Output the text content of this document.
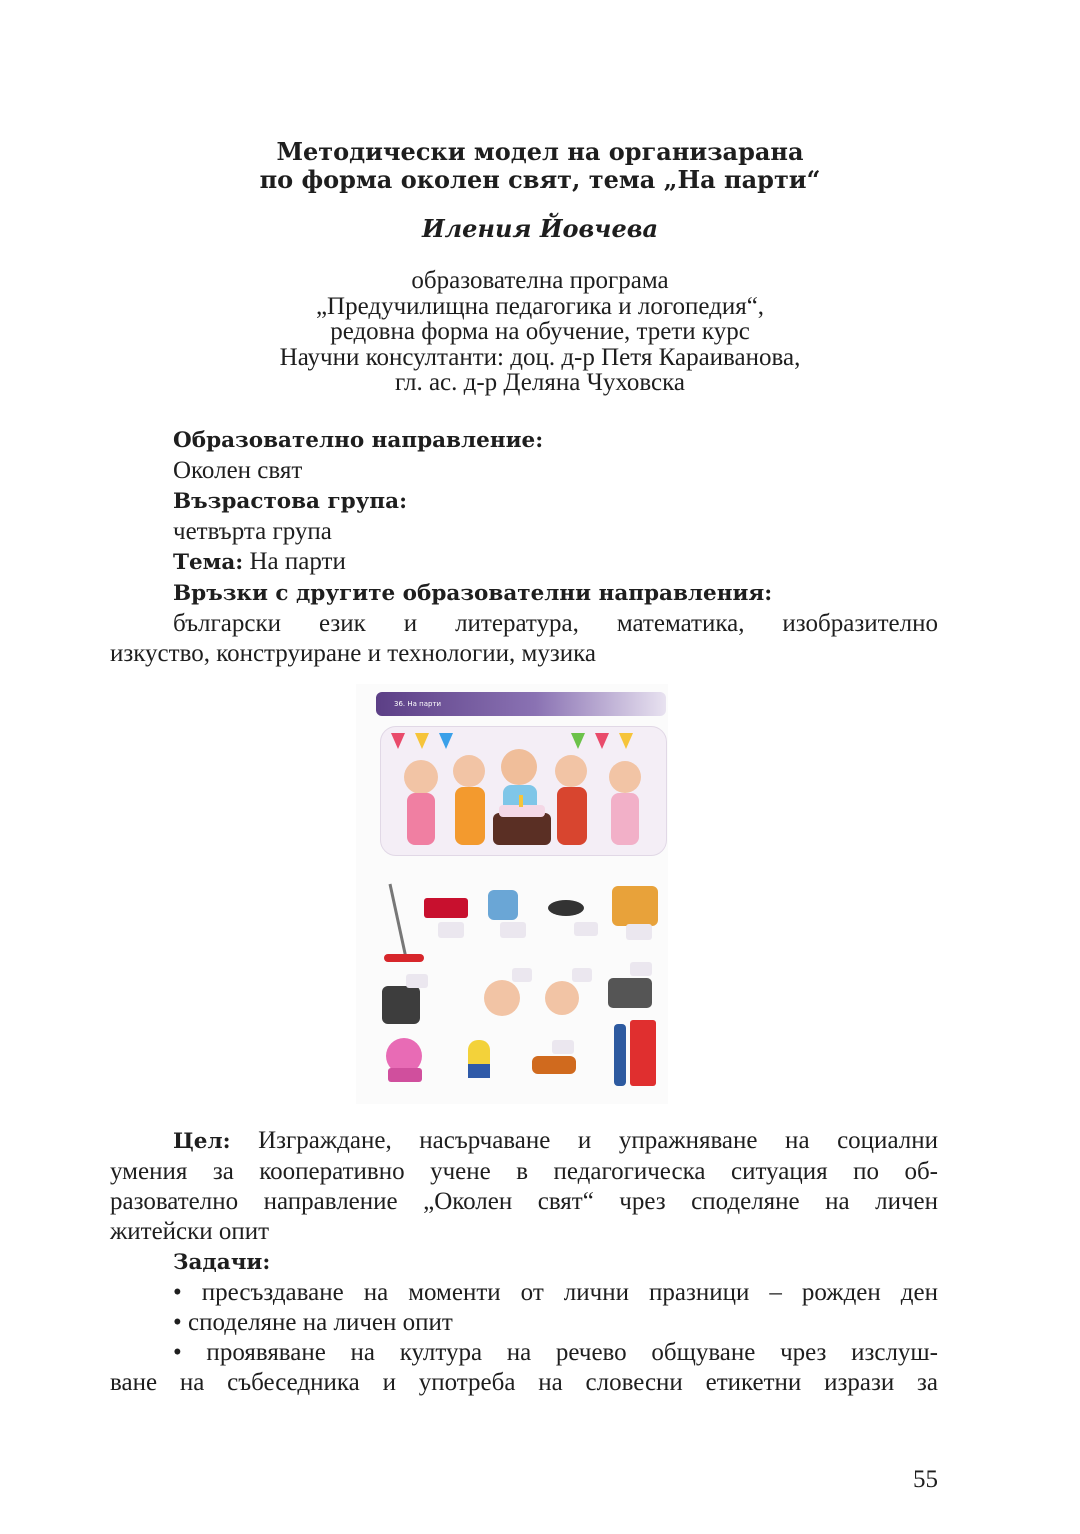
Методически модел на организарана
по форма околен свят, тема „На парти“
Иления Йовчева
образователна програма
„Предучилищна педагогика и логопедия“,
редовна форма на обучение, трети курс
Научни консултанти: доц. д-р Петя Караиванова,
гл. ас. д-р Деляна Чуховска
Образователно направление:
Околен свят
Възрастова група:
четвърта група
Тема: На парти
Връзки с другите образователни направления:
български език и литература, математика, изобразително
изкуство, конструиране и технологии, музика
36. На парти
Цел: Изграждане, насърчаване и упражняване на социални
умения за кооперативно учене в педагогическа ситуация по об-
разователно направление „Околен свят“ чрез споделяне на личен
житейски опит
Задачи:
• пресъздаване на моменти от лични празници – рожден ден
• споделяне на личен опит
• проявяване на култура на речево общуване чрез изслуш-
ване на събеседника и употреба на словесни етикетни изрази за
55
